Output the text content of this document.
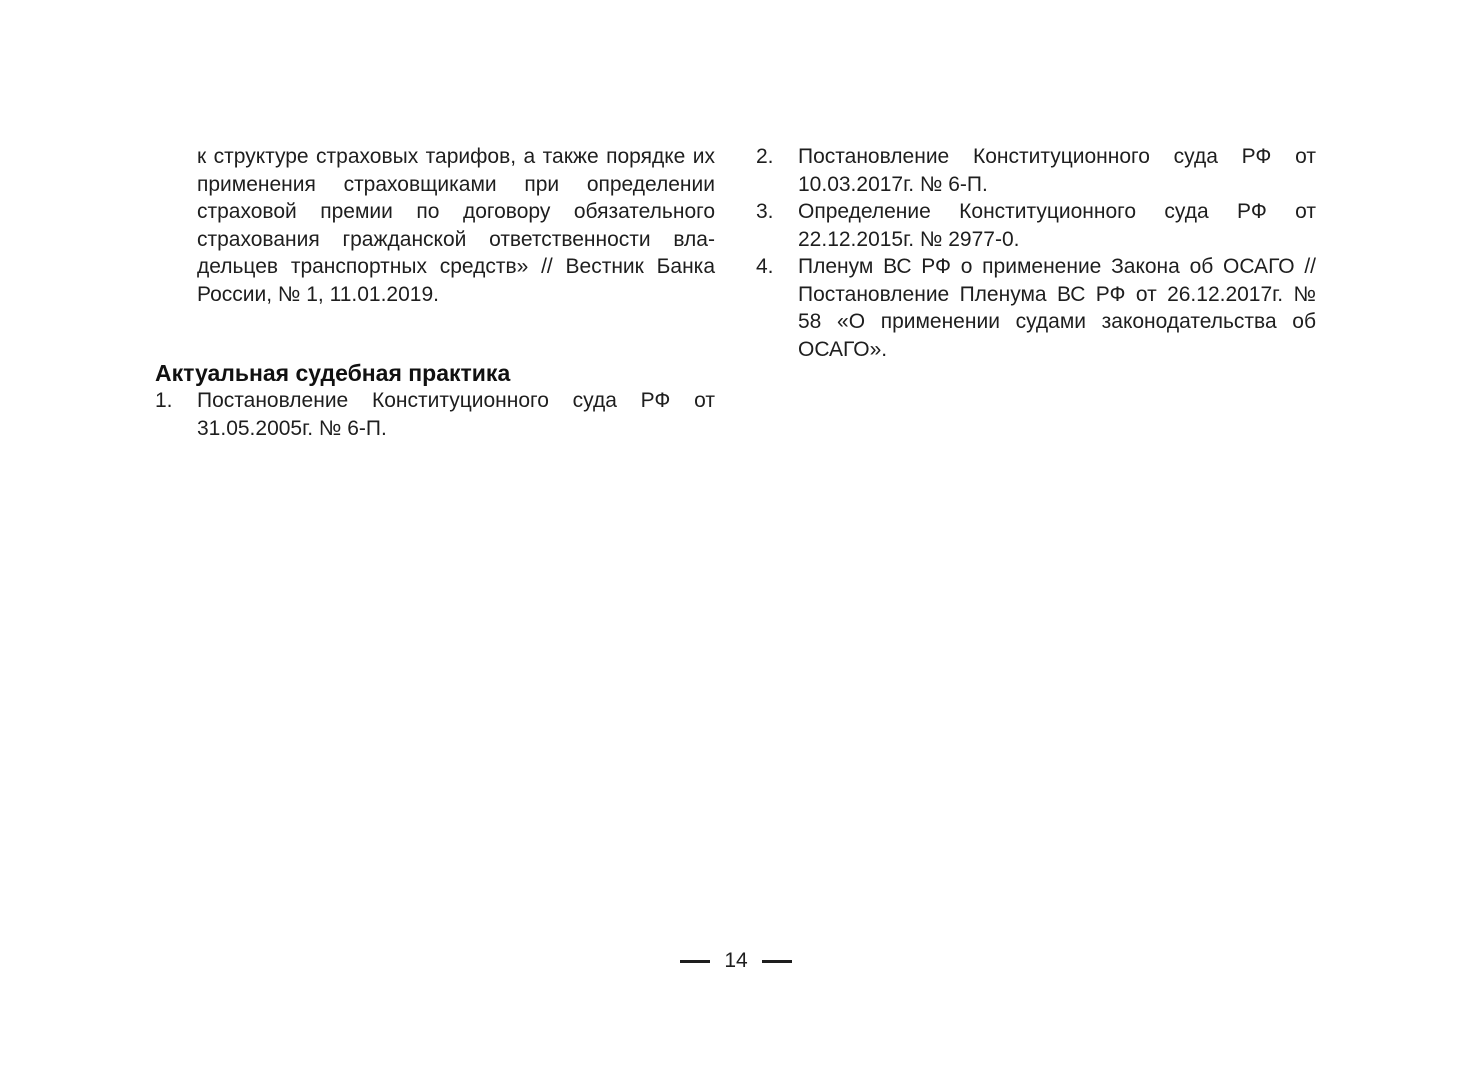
к структуре страховых тарифов, а также порядке их применения страховщиками при определении страховой премии по договору обязательного страхования гражданской ответственности владельцев транспортных средств» // Вестник Банка России, № 1, 11.01.2019.

Актуальная судебная практика
1.	Постановление Конституционного суда РФ от 31.05.2005г. № 6-П.
2.	Постановление Конституционного суда РФ от 10.03.2017г. № 6-П.
3.	Определение Конституционного суда РФ от 22.12.2015г. № 2977-0.
4.	Пленум ВС РФ о применение Закона об ОСАГО // Постановление Пленума ВС РФ от 26.12.2017г. № 58 «О применении судами законодательства об ОСАГО».
14
